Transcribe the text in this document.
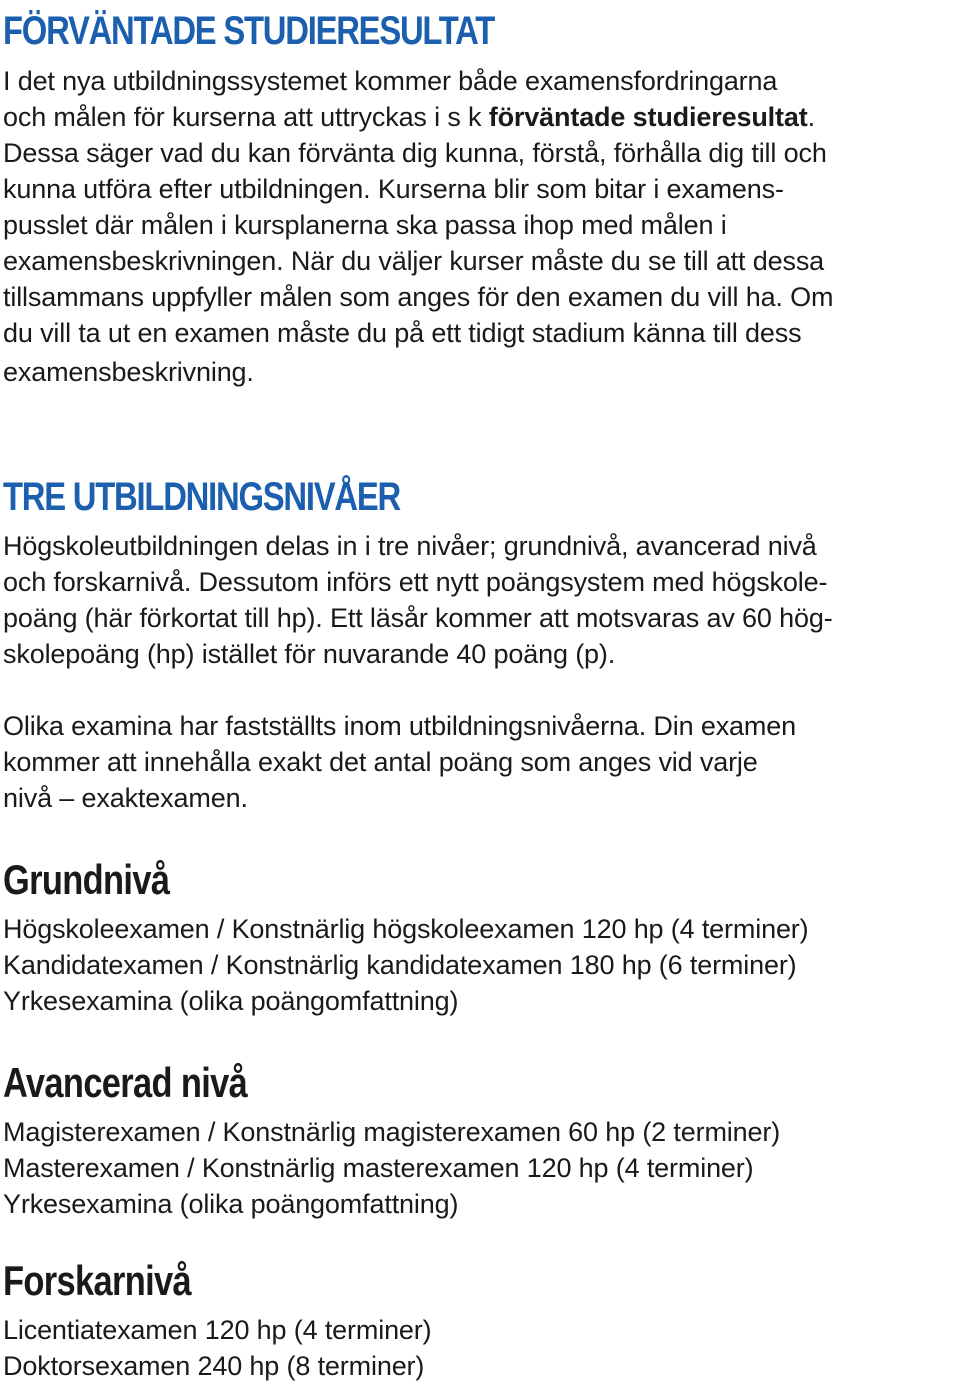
FÖRVÄNTADE STUDIERESULTAT

I det nya utbildningssystemet kommer både examensfordringarna
och målen för kurserna att uttryckas i s k förväntade studieresultat.
Dessa säger vad du kan förvänta dig kunna, förstå, förhålla dig till och
kunna utföra efter utbildningen. Kurserna blir som bitar i examens-
pusslet där målen i kursplanerna ska passa ihop med målen i
examensbeskrivningen. När du väljer kurser måste du se till att dessa
tillsammans uppfyller målen som anges för den examen du vill ha. Om
du vill ta ut en examen måste du på ett tidigt stadium känna till dess
examensbeskrivning.

TRE UTBILDNINGSNIVÅER

Högskoleutbildningen delas in i tre nivåer; grundnivå, avancerad nivå
och forskarnivå. Dessutom införs ett nytt poängsystem med högskole-
poäng (här förkortat till hp). Ett läsår kommer att motsvaras av 60 hög-
skolepoäng (hp) istället för nuvarande 40 poäng (p).

Olika examina har fastställts inom utbildningsnivåerna. Din examen
kommer att innehålla exakt det antal poäng som anges vid varje
nivå – exaktexamen.

Grundnivå
Högskoleexamen / Konstnärlig högskoleexamen 120 hp (4 terminer)
Kandidatexamen / Konstnärlig kandidatexamen 180 hp (6 terminer)
Yrkesexamina (olika poängomfattning)
Avancerad nivå
Magisterexamen / Konstnärlig magisterexamen 60 hp (2 terminer)
Masterexamen / Konstnärlig masterexamen 120 hp (4 terminer)
Yrkesexamina (olika poängomfattning)
Forskarnivå
Licentiatexamen 120 hp (4 terminer)
Doktorsexamen 240 hp (8 terminer)
